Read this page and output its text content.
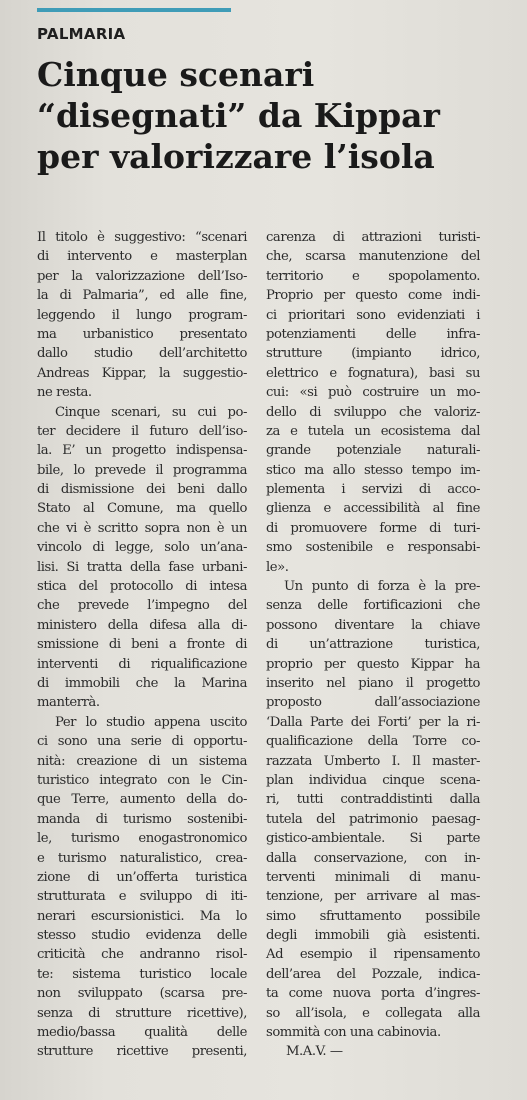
PALMARIA
Cinque scenari
“disegnati” da Kippar
per valorizzare l’isola
Il titolo è suggestivo: “scenari
di intervento e masterplan
per la valorizzazione dell’Iso-
la di Palmaria”, ed alle fine,
leggendo il lungo program-
ma urbanistico presentato
dallo studio dell’architetto
Andreas Kippar, la suggestio-
ne resta.
Cinque scenari, su cui po-
ter decidere il futuro dell’iso-
la. E’ un progetto indispensa-
bile, lo prevede il programma
di dismissione dei beni dallo
Stato al Comune, ma quello
che vi è scritto sopra non è un
vincolo di legge, solo un’ana-
lisi. Si tratta della fase urbani-
stica del protocollo di intesa
che prevede l’impegno del
ministero della difesa alla di-
smissione di beni a fronte di
interventi di riqualificazione
di immobili che la Marina
manterrà.
Per lo studio appena uscito
ci sono una serie di opportu-
nità: creazione di un sistema
turistico integrato con le Cin-
que Terre, aumento della do-
manda di turismo sostenibi-
le, turismo enogastronomico
e turismo naturalistico, crea-
zione di un’offerta turistica
strutturata e sviluppo di iti-
nerari escursionistici. Ma lo
stesso studio evidenza delle
criticità che andranno risol-
te: sistema turistico locale
non sviluppato (scarsa pre-
senza di strutture ricettive),
medio/bassa qualità delle
strutture ricettive presenti,
carenza di attrazioni turisti-
che, scarsa manutenzione del
territorio e spopolamento.
Proprio per questo come indi-
ci prioritari sono evidenziati i
potenziamenti delle infra-
strutture (impianto idrico,
elettrico e fognatura), basi su
cui: «si può costruire un mo-
dello di sviluppo che valoriz-
za e tutela un ecosistema dal
grande potenziale naturali-
stico ma allo stesso tempo im-
plementa i servizi di acco-
glienza e accessibilità al fine
di promuovere forme di turi-
smo sostenibile e responsabi-
le».
Un punto di forza è la pre-
senza delle fortificazioni che
possono diventare la chiave
di un’attrazione turistica,
proprio per questo Kippar ha
inserito nel piano il progetto
proposto dall’associazione
‘Dalla Parte dei Forti’ per la ri-
qualificazione della Torre co-
razzata Umberto I. Il master-
plan individua cinque scena-
ri, tutti contraddistinti dalla
tutela del patrimonio paesag-
gistico-ambientale. Si parte
dalla conservazione, con in-
terventi minimali di manu-
tenzione, per arrivare al mas-
simo sfruttamento possibile
degli immobili già esistenti.
Ad esempio il ripensamento
dell’area del Pozzale, indica-
ta come nuova porta d’ingres-
so all’isola, e collegata alla
sommità con una cabinovia.
M.A.V. —
